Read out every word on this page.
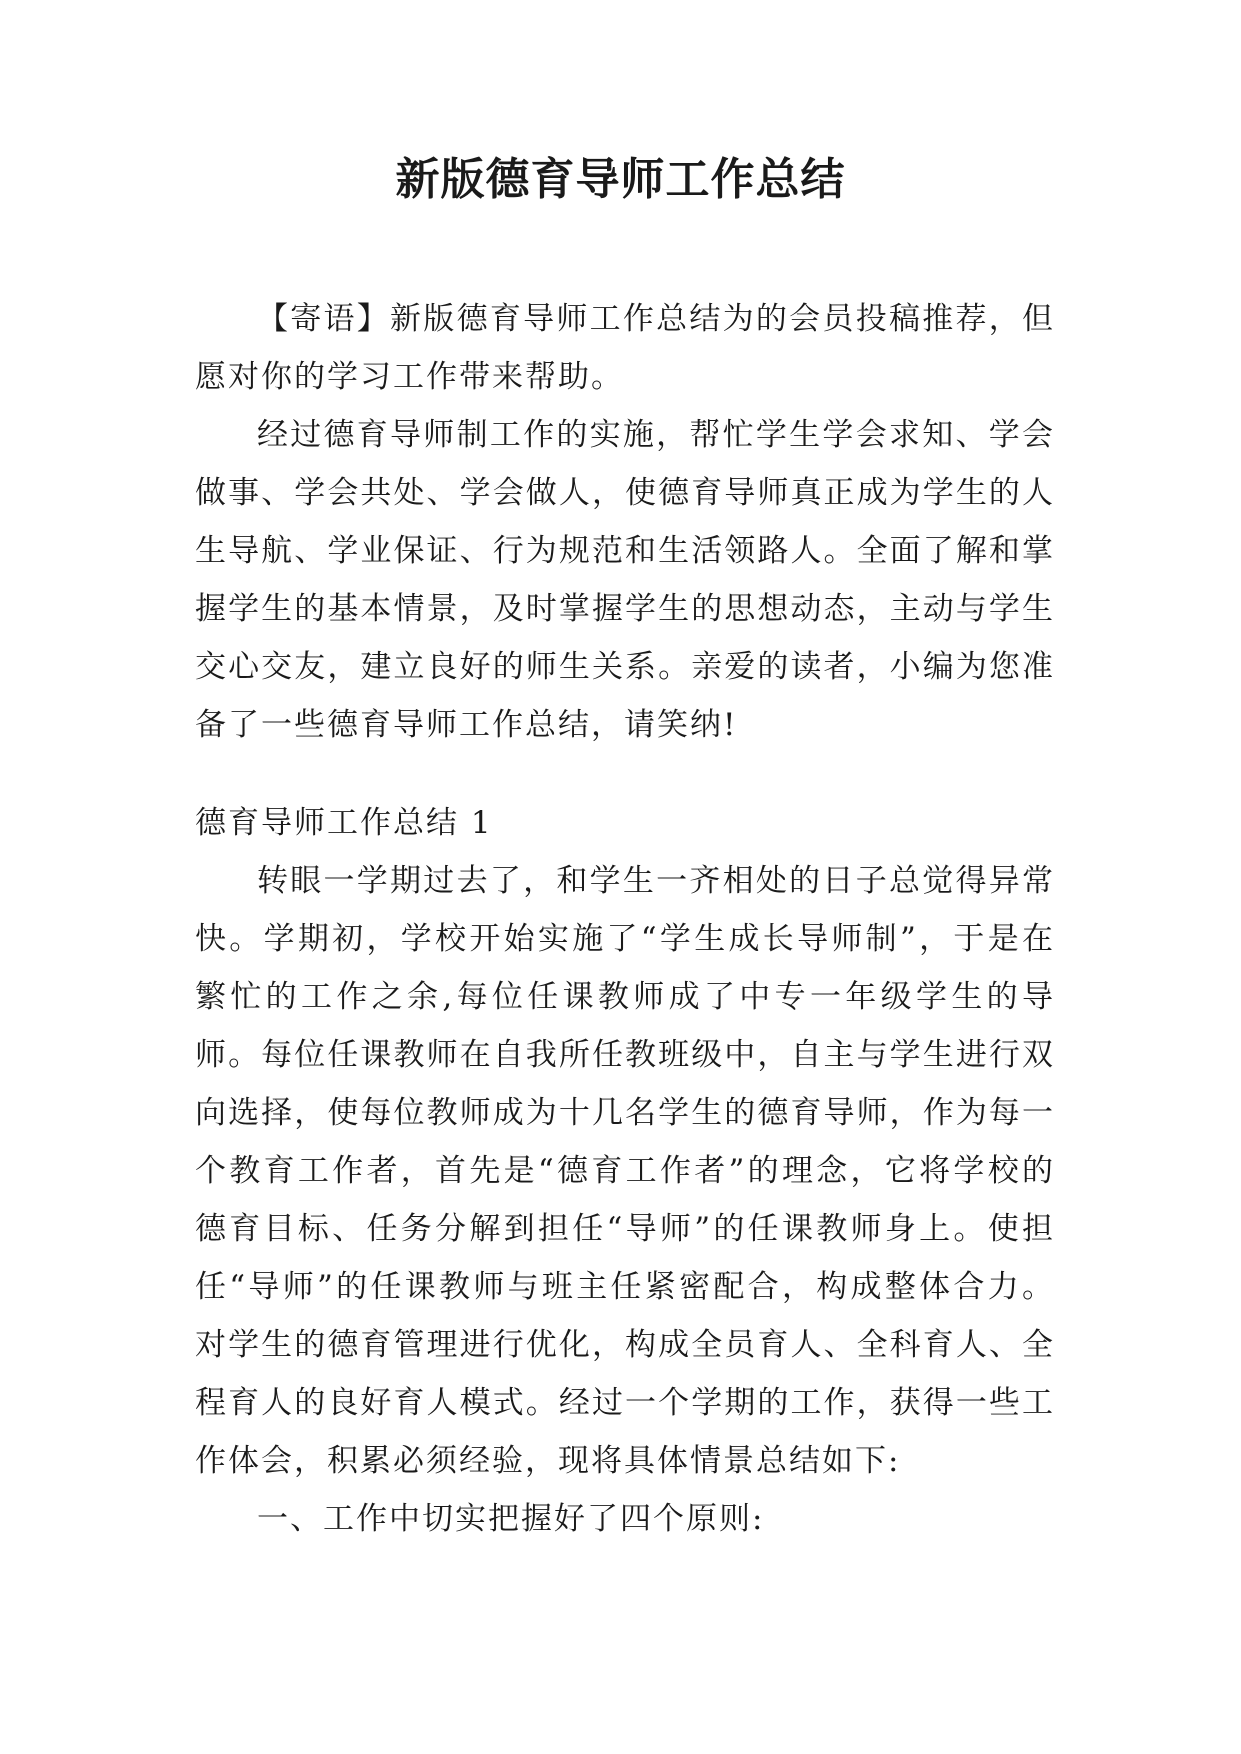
新版德育导师工作总结

【寄语】新版德育导师工作总结为的会员投稿推荐，但愿对你的学习工作带来帮助。

经过德育导师制工作的实施，帮忙学生学会求知、学会做事、学会共处、学会做人，使德育导师真正成为学生的人生导航、学业保证、行为规范和生活领路人。全面了解和掌握学生的基本情景，及时掌握学生的思想动态，主动与学生交心交友，建立良好的师生关系。亲爱的读者，小编为您准备了一些德育导师工作总结，请笑纳!

德育导师工作总结 1

转眼一学期过去了，和学生一齐相处的日子总觉得异常快。学期初，学校开始实施了“学生成长导师制”，于是在繁忙的工作之余,每位任课教师成了中专一年级学生的导师。每位任课教师在自我所任教班级中，自主与学生进行双向选择，使每位教师成为十几名学生的德育导师，作为每一个教育工作者，首先是“德育工作者”的理念，它将学校的德育目标、任务分解到担任“导师”的任课教师身上。使担任“导师”的任课教师与班主任紧密配合，构成整体合力。对学生的德育管理进行优化，构成全员育人、全科育人、全程育人的良好育人模式。经过一个学期的工作，获得一些工作体会，积累必须经验，现将具体情景总结如下:

一、工作中切实把握好了四个原则:
